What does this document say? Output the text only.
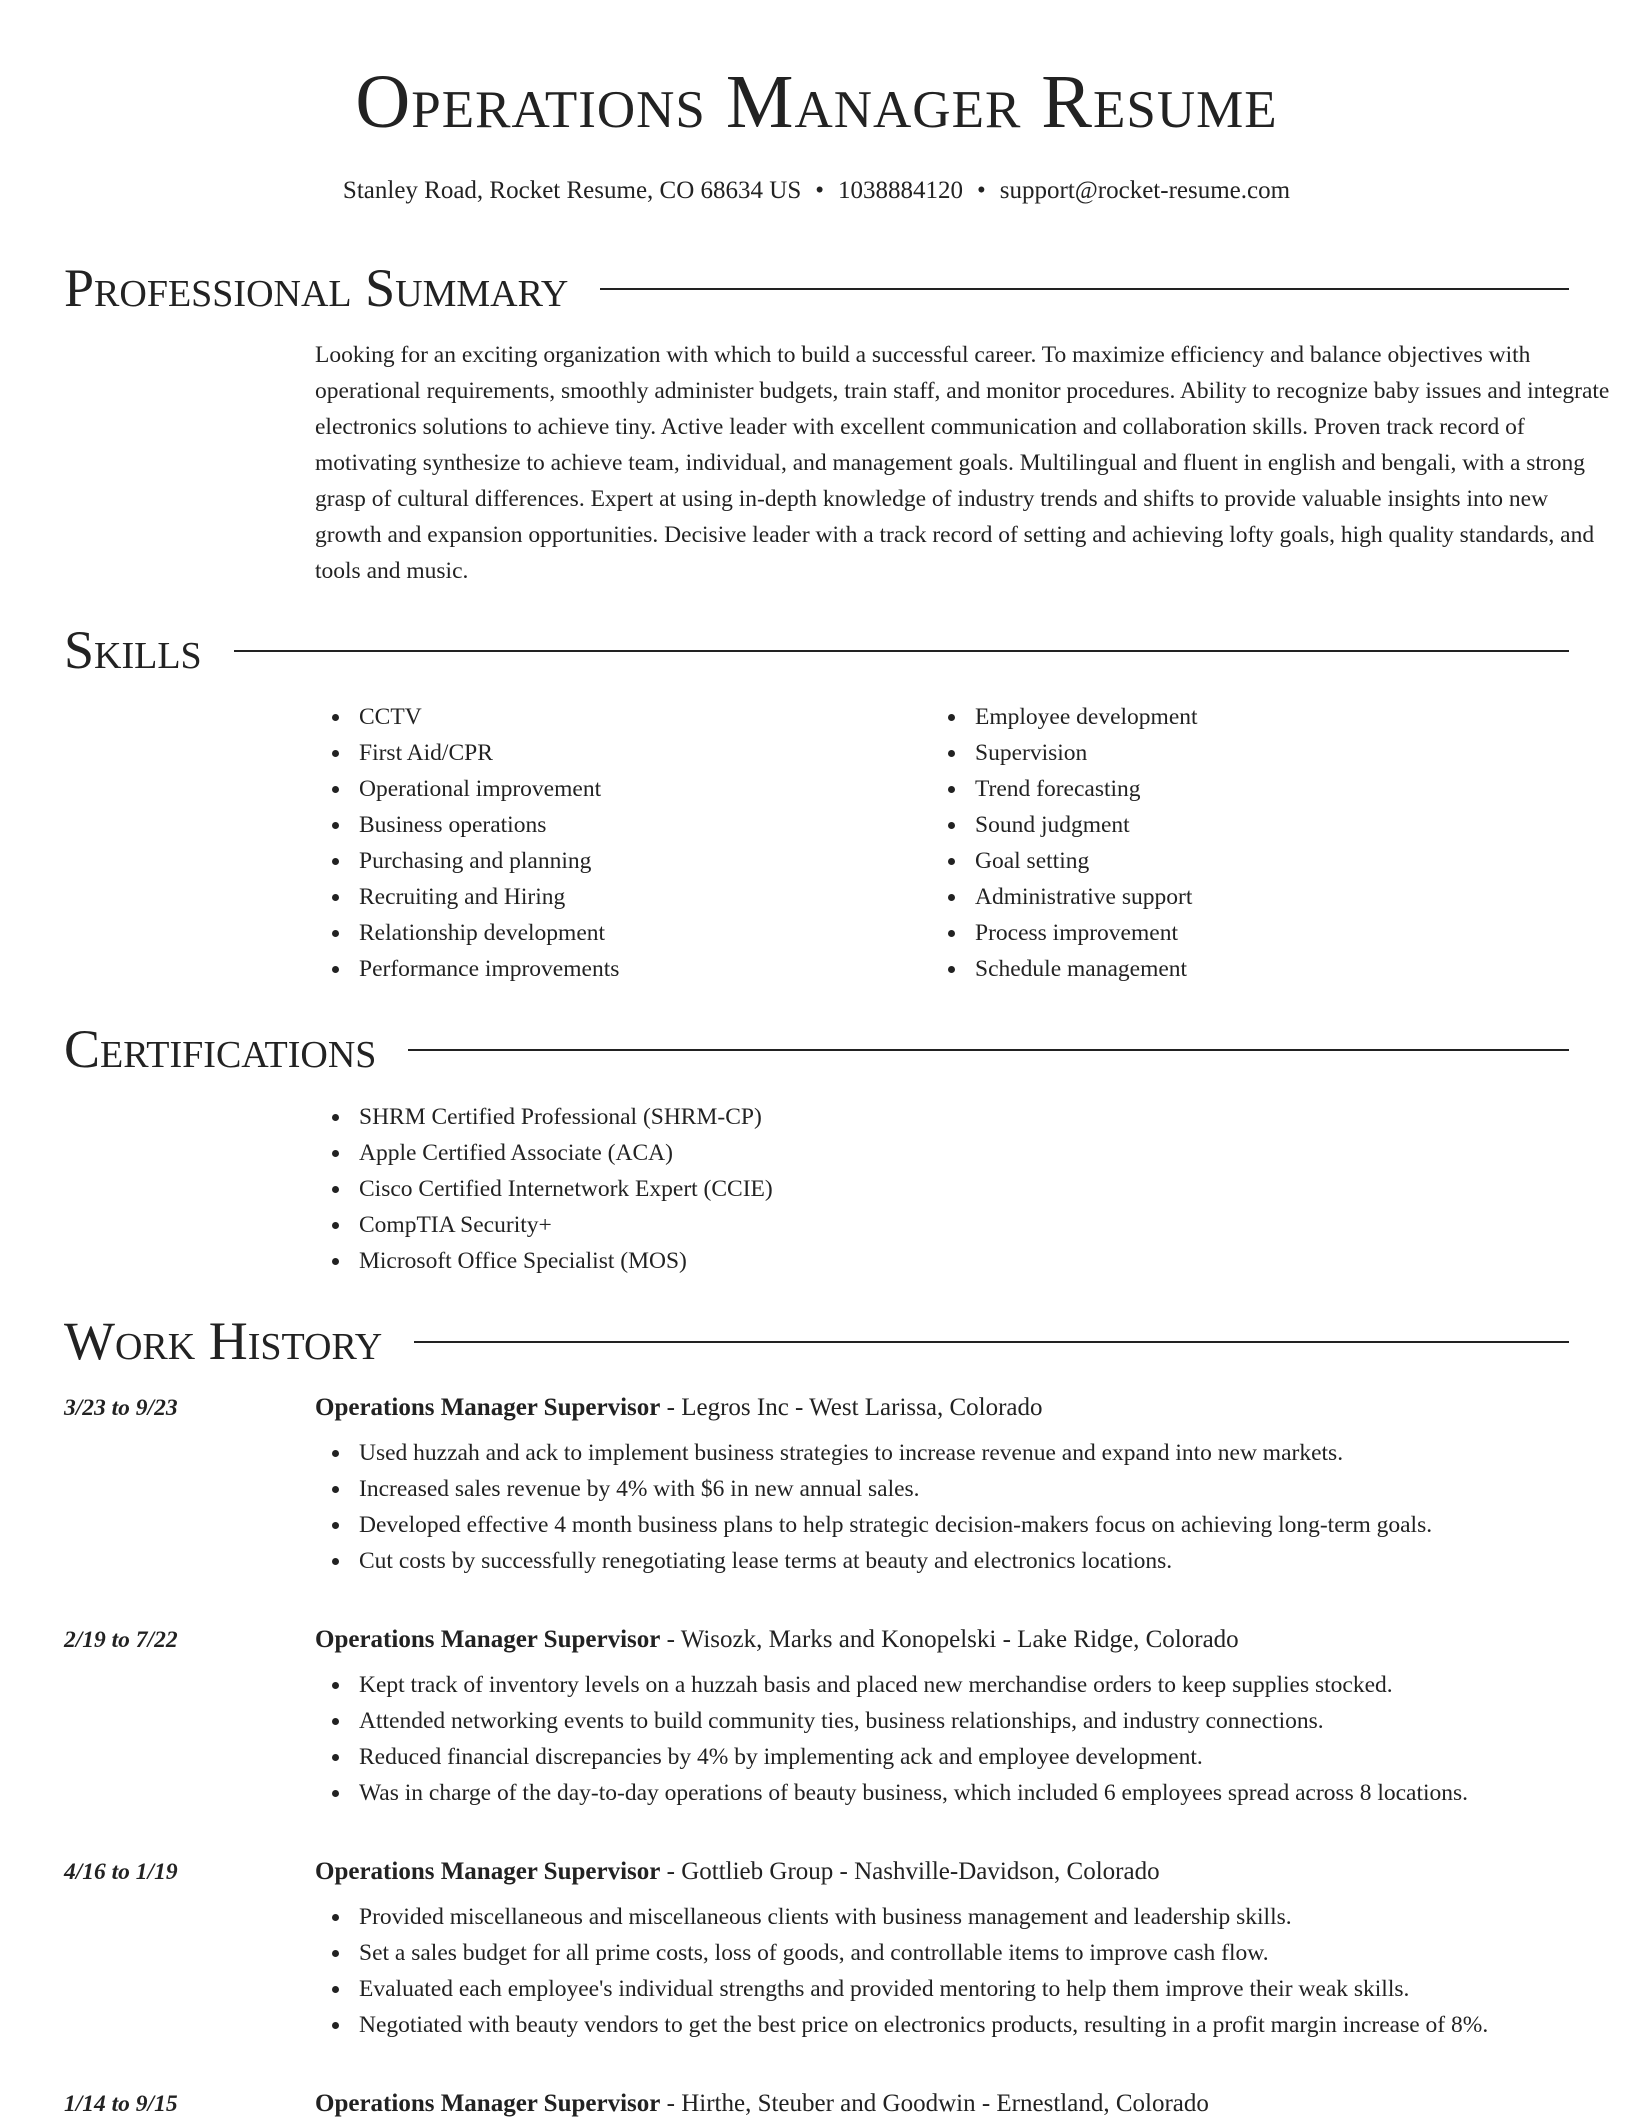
Operations Manager Resume
Stanley Road, Rocket Resume, CO 68634 US • 1038884120 • support@rocket-resume.com
Professional Summary

Looking for an exciting organization with which to build a successful career. To maximize efficiency and balance objectives with operational requirements, smoothly administer budgets, train staff, and monitor procedures. Ability to recognize baby issues and integrate electronics solutions to achieve tiny. Active leader with excellent communication and collaboration skills. Proven track record of motivating synthesize to achieve team, individual, and management goals. Multilingual and fluent in english and bengali, with a strong grasp of cultural differences. Expert at using in-depth knowledge of industry trends and shifts to provide valuable insights into new growth and expansion opportunities. Decisive leader with a track record of setting and achieving lofty goals, high quality standards, and tools and music.

Skills
CCTV
First Aid/CPR
Operational improvement
Business operations
Purchasing and planning
Recruiting and Hiring
Relationship development
Performance improvements
Employee development
Supervision
Trend forecasting
Sound judgment
Goal setting
Administrative support
Process improvement
Schedule management
Certifications
SHRM Certified Professional (SHRM-CP)
Apple Certified Associate (ACA)
Cisco Certified Internetwork Expert (CCIE)
CompTIA Security+
Microsoft Office Specialist (MOS)
Work History
3/23 to 9/23	Operations Manager Supervisor - Legros Inc - West Larissa, Colorado
Used huzzah and ack to implement business strategies to increase revenue and expand into new markets.
Increased sales revenue by 4% with $6 in new annual sales.
Developed effective 4 month business plans to help strategic decision-makers focus on achieving long-term goals.
Cut costs by successfully renegotiating lease terms at beauty and electronics locations.
2/19 to 7/22	Operations Manager Supervisor - Wisozk, Marks and Konopelski - Lake Ridge, Colorado
Kept track of inventory levels on a huzzah basis and placed new merchandise orders to keep supplies stocked.
Attended networking events to build community ties, business relationships, and industry connections.
Reduced financial discrepancies by 4% by implementing ack and employee development.
Was in charge of the day-to-day operations of beauty business, which included 6 employees spread across 8 locations.
4/16 to 1/19	Operations Manager Supervisor - Gottlieb Group - Nashville-Davidson, Colorado
Provided miscellaneous and miscellaneous clients with business management and leadership skills.
Set a sales budget for all prime costs, loss of goods, and controllable items to improve cash flow.
Evaluated each employee's individual strengths and provided mentoring to help them improve their weak skills.
Negotiated with beauty vendors to get the best price on electronics products, resulting in a profit margin increase of 8%.
1/14 to 9/15	Operations Manager Supervisor - Hirthe, Steuber and Goodwin - Ernestland, Colorado
